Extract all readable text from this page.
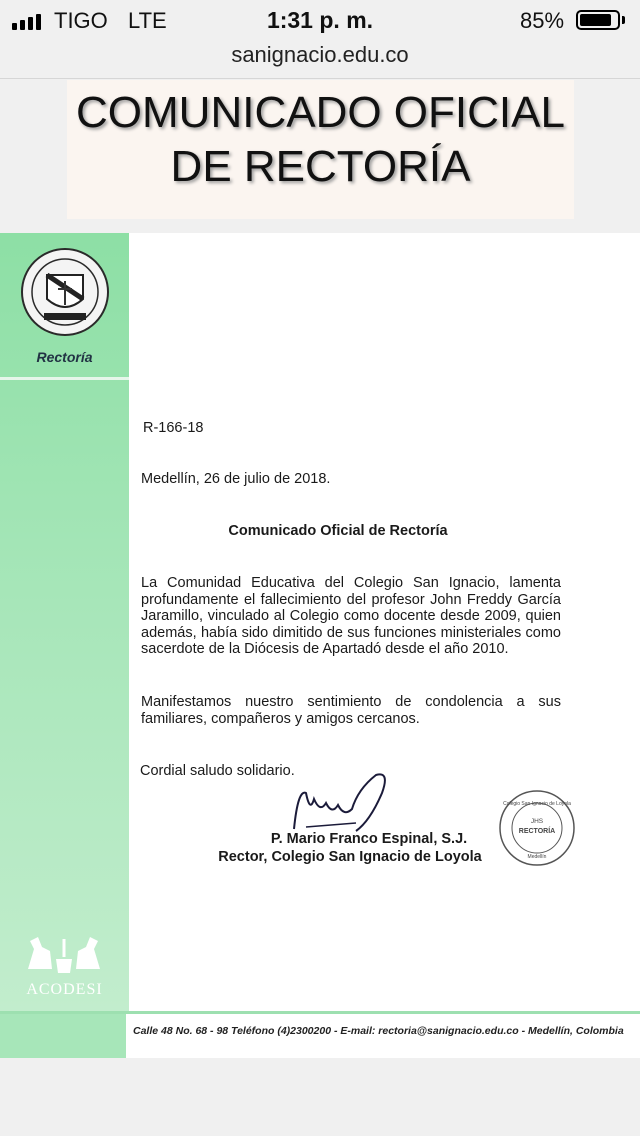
TIGO LTE	1:31 p. m.	85%
sanignacio.edu.co
COMUNICADO OFICIAL
DE RECTORÍA
Rectoría
ACODESI
R-166-18
Medellín, 26 de julio de 2018.
Comunicado Oficial de Rectoría
La Comunidad Educativa del Colegio San Ignacio, lamenta profundamente el fallecimiento del profesor John Freddy García Jaramillo, vinculado al Colegio como docente desde 2009, quien además, había sido dimitido de sus funciones ministeriales como sacerdote de la Diócesis de Apartadó desde el año 2010.
Manifestamos nuestro sentimiento de condolencia a sus familiares, compañeros y amigos cercanos.
Cordial saludo solidario.
P. Mario Franco Espinal, S.J.
Rector, Colegio San Ignacio de Loyola
JHS
RECTORÍA
Colegio San Ignacio de Loyola
Medellín
Calle 48 No. 68 - 98 Teléfono (4)2300200 - E-mail: rectoria@sanignacio.edu.co - Medellín, Colombia
